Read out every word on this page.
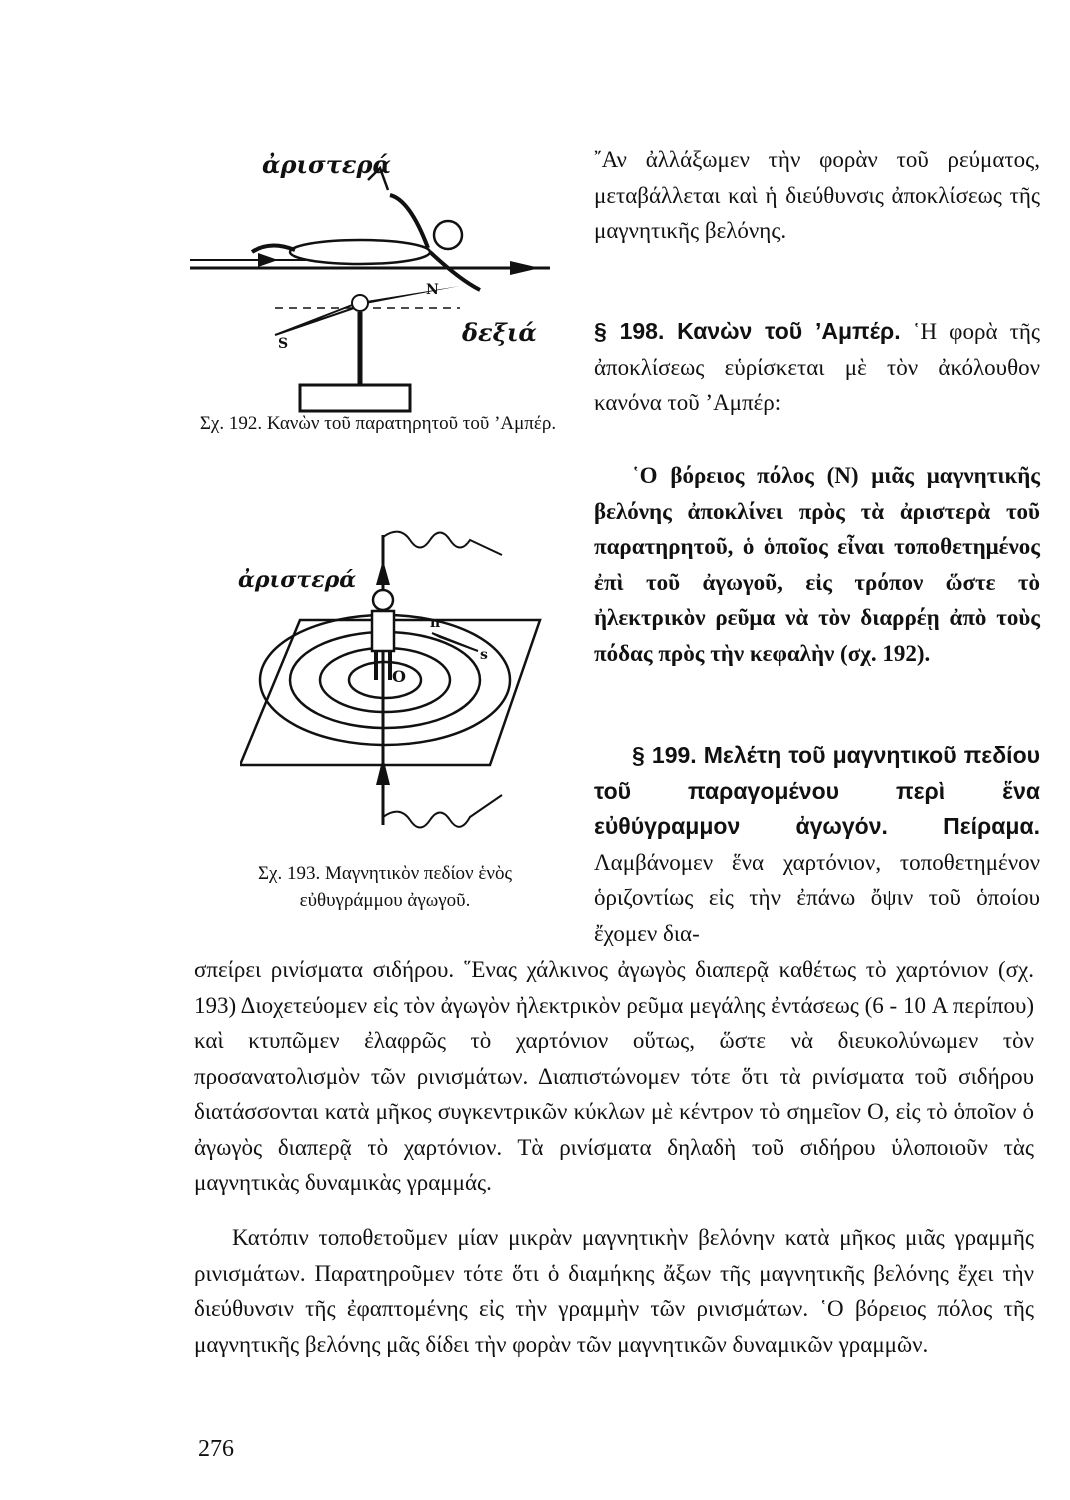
ἀριστερά
δεξιά
N
S
Σχ. 192. Κανὼν τοῦ παρατηρητοῦ τοῦ ’Αμπέρ.
ἀριστερά
n
s
O
Σχ. 193. Μαγνητικὸν πεδίον ἑνὸς εὐθυγράμμου ἀγωγοῦ.
῎Αν ἀλλάξωμεν τὴν φορὰν τοῦ ρεύματος, μεταβάλλεται καὶ ἡ διεύθυνσις ἀποκλίσεως τῆς μαγνητικῆς βελόνης.
§ 198. Κανὼν τοῦ ’Αμπέρ. ῾Η φορὰ τῆς ἀποκλίσεως εὑρίσκεται μὲ τὸν ἀκόλουθον κανόνα τοῦ ’Αμπέρ:
῾Ο βόρειος πόλος (Ν) μιᾶς μαγνητικῆς βελόνης ἀποκλίνει πρὸς τὰ ἀριστερὰ τοῦ παρατηρητοῦ, ὁ ὁποῖος εἶναι τοποθετημένος ἐπὶ τοῦ ἀγωγοῦ, εἰς τρόπον ὥστε τὸ ἠλεκτρικὸν ρεῦμα νὰ τὸν διαρρέῃ ἀπὸ τοὺς πόδας πρὸς τὴν κεφαλὴν (σχ. 192).
§ 199. Μελέτη τοῦ μαγνητικοῦ πεδίου τοῦ παραγομένου περὶ ἕνα εὐθύγραμμον ἀγωγόν. Πείραμα. Λαμβάνομεν ἕνα χαρτόνιον, τοποθετημένον ὁριζοντίως εἰς τὴν ἐπάνω ὄψιν τοῦ ὁποίου ἔχομεν δια-
σπείρει ρινίσματα σιδήρου. ῞Ενας χάλκινος ἀγωγὸς διαπερᾷ καθέτως τὸ χαρτόνιον (σχ. 193) Διοχετεύομεν εἰς τὸν ἀγωγὸν ἠλεκτρικὸν ρεῦμα μεγάλης ἐντάσεως (6 - 10 A περίπου) καὶ κτυπῶμεν ἐλαφρῶς τὸ χαρτόνιον οὕτως, ὥστε νὰ διευκολύνωμεν τὸν προσανατολισμὸν τῶν ρινισμάτων. Διαπιστώνομεν τότε ὅτι τὰ ρινίσματα τοῦ σιδήρου διατάσσονται κατὰ μῆκος συγκεντρικῶν κύκλων μὲ κέντρον τὸ σημεῖον Ο, εἰς τὸ ὁποῖον ὁ ἀγωγὸς διαπερᾷ τὸ χαρτόνιον. Τὰ ρινίσματα δηλαδὴ τοῦ σιδήρου ὑλοποιοῦν τὰς μαγνητικὰς δυναμικὰς γραμμάς.
Κατόπιν τοποθετοῦμεν μίαν μικρὰν μαγνητικὴν βελόνην κατὰ μῆκος μιᾶς γραμμῆς ρινισμάτων. Παρατηροῦμεν τότε ὅτι ὁ διαμήκης ἄξων τῆς μαγνητικῆς βελόνης ἔχει τὴν διεύθυνσιν τῆς ἐφαπτομένης εἰς τὴν γραμμὴν τῶν ρινισμάτων. ῾Ο βόρειος πόλος τῆς μαγνητικῆς βελόνης μᾶς δίδει τὴν φορὰν τῶν μαγνητικῶν δυναμικῶν γραμμῶν.
276
